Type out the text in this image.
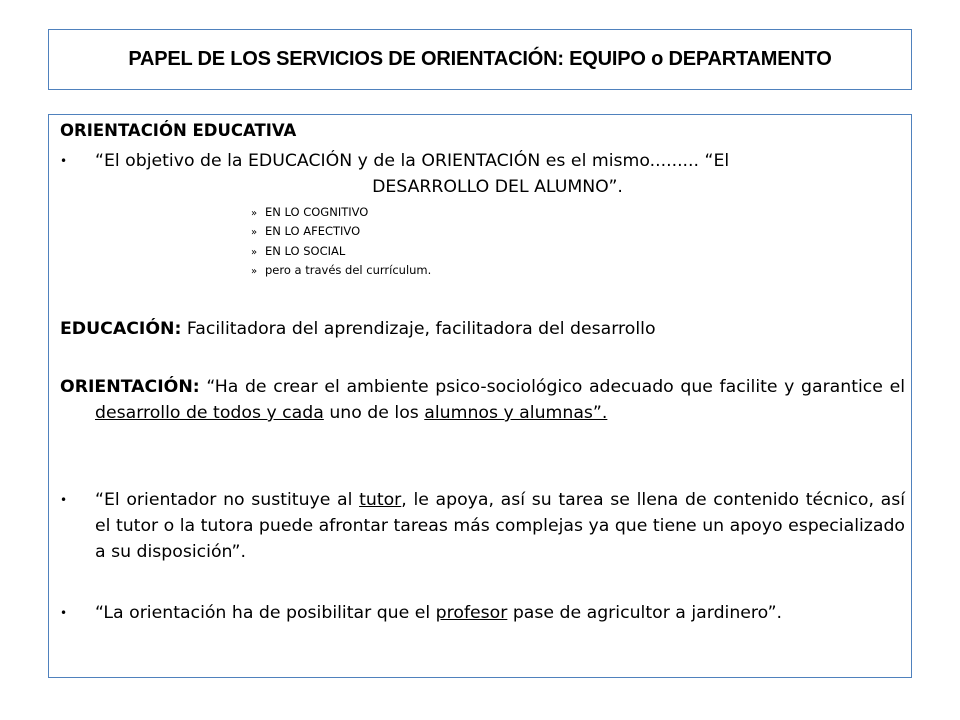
PAPEL DE LOS SERVICIOS DE ORIENTACIÓN: EQUIPO o DEPARTAMENTO

ORIENTACIÓN EDUCATIVA

• “El objetivo de la EDUCACIÓN y de la ORIENTACIÓN es el mismo......... “El

DESARROLLO DEL ALUMNO”.

» EN LO COGNITIVO
» EN LO AFECTIVO
» EN LO SOCIAL
» pero a través del currículum.

EDUCACIÓN: Facilitadora del aprendizaje, facilitadora del desarrollo

ORIENTACIÓN: “Ha de crear el ambiente psico-sociológico adecuado que facilite y garantice el desarrollo de todos y cada uno de los alumnos y alumnas”.

• “El orientador no sustituye al tutor, le apoya, así su tarea se llena de contenido técnico, así el tutor o la tutora puede afrontar tareas más complejas ya que tiene un apoyo especializado a su disposición”.

• “La orientación ha de posibilitar que el profesor pase de agricultor a jardinero”.
